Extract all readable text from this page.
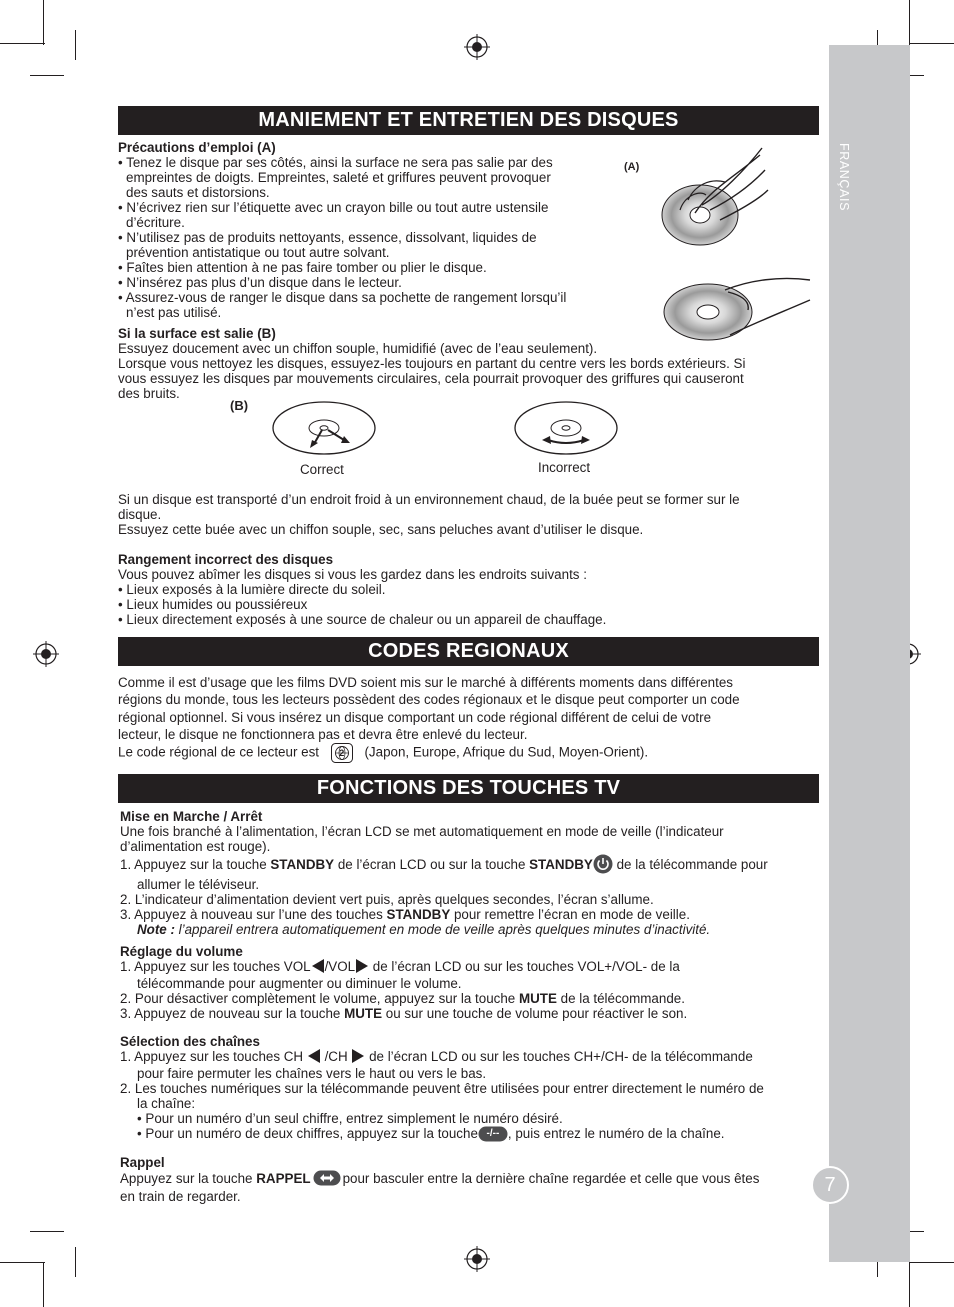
FRANÇAIS
7
MANIEMENT ET ENTRETIEN DES DISQUES

Précautions d’emploi (A)

• Tenez le disque par ses côtés, ainsi la surface ne sera pas salie par des

empreintes de doigts. Empreintes, saleté et griffures peuvent provoquer

des sauts et distorsions.

• N’écrivez rien sur l’étiquette avec un crayon bille ou tout autre ustensile

d’écriture.

• N’utilisez pas de produits nettoyants, essence, dissolvant, liquides de

prévention antistatique ou tout autre solvant.

• Faîtes bien attention à ne pas faire tomber ou plier le disque.

• N’insérez pas plus d’un disque dans le lecteur.

• Assurez-vous de ranger le disque dans sa pochette de rangement lorsqu’il

n’est pas utilisé.

(A)

Si la surface est salie (B)

Essuyez doucement avec un chiffon souple, humidifié (avec de l’eau seulement).

Lorsque vous nettoyez les disques, essuyez-les toujours en partant du centre vers les bords extérieurs. Si

vous essuyez les disques par mouvements circulaires, cela pourrait provoquer des griffures qui causeront

des bruits.

(B)
Correct	Incorrect

Si un disque est transporté d’un endroit froid à un environnement chaud, de la buée peut se former sur le

disque.

Essuyez cette buée avec un chiffon souple, sec, sans peluches avant d’utiliser le disque.

Rangement incorrect des disques

Vous pouvez abîmer les disques si vous les gardez dans les endroits suivants :

• Lieux exposés à la lumière directe du soleil.

• Lieux humides ou poussiéreux

• Lieux directement exposés à une source de chaleur ou un appareil de chauffage.

CODES REGIONAUX

Comme il est d’usage que les films DVD soient mis sur le marché à différents moments dans différentes

régions du monde, tous les lecteurs possèdent des codes régionaux et le disque peut comporter un code

régional optionnel. Si vous insérez un disque comportant un code régional différent de celui de votre

lecteur, le disque ne fonctionnera pas et devra être enlevé du lecteur.

Le code régional de ce lecteur est	2	(Japon, Europe, Afrique du Sud, Moyen-Orient).

FONCTIONS DES TOUCHES TV

Mise en Marche / Arrêt

Une fois branché à l’alimentation, l’écran LCD se met automatiquement en mode de veille (l’indicateur

d’alimentation est rouge).

1. Appuyez sur la touche STANDBY de l’écran LCD ou sur la touche STANDBY de la télécommande pour

allumer le téléviseur.

2. L’indicateur d’alimentation devient vert puis, après quelques secondes, l’écran s’allume.

3. Appuyez à nouveau sur l’une des touches STANDBY pour remettre l’écran en mode de veille.

Note : l’appareil entrera automatiquement en mode de veille après quelques minutes d’inactivité.

Réglage du volume

1. Appuyez sur les touches VOL /VOL de l’écran LCD ou sur les touches VOL+/VOL- de la

télécommande pour augmenter ou diminuer le volume.

2. Pour désactiver complètement le volume, appuyez sur la touche MUTE de la télécommande.

3. Appuyez de nouveau sur la touche MUTE ou sur une touche de volume pour réactiver le son.

Sélection des chaînes

1. Appuyez sur les touches CH /CH  de l’écran LCD ou sur les touches CH+/CH- de la télécommande

pour faire permuter les chaînes vers le haut ou vers le bas.

2. Les touches numériques sur la télécommande peuvent être utilisées pour entrer directement le numéro de

la chaîne:

• Pour un numéro d’un seul chiffre, entrez simplement le numéro désiré.

• Pour un numéro de deux chiffres, appuyez sur la touche -/-- , puis entrez le numéro de la chaîne.

Rappel

Appuyez sur la touche RAPPEL pour basculer entre la dernière chaîne regardée et celle que vous êtes

en train de regarder.
